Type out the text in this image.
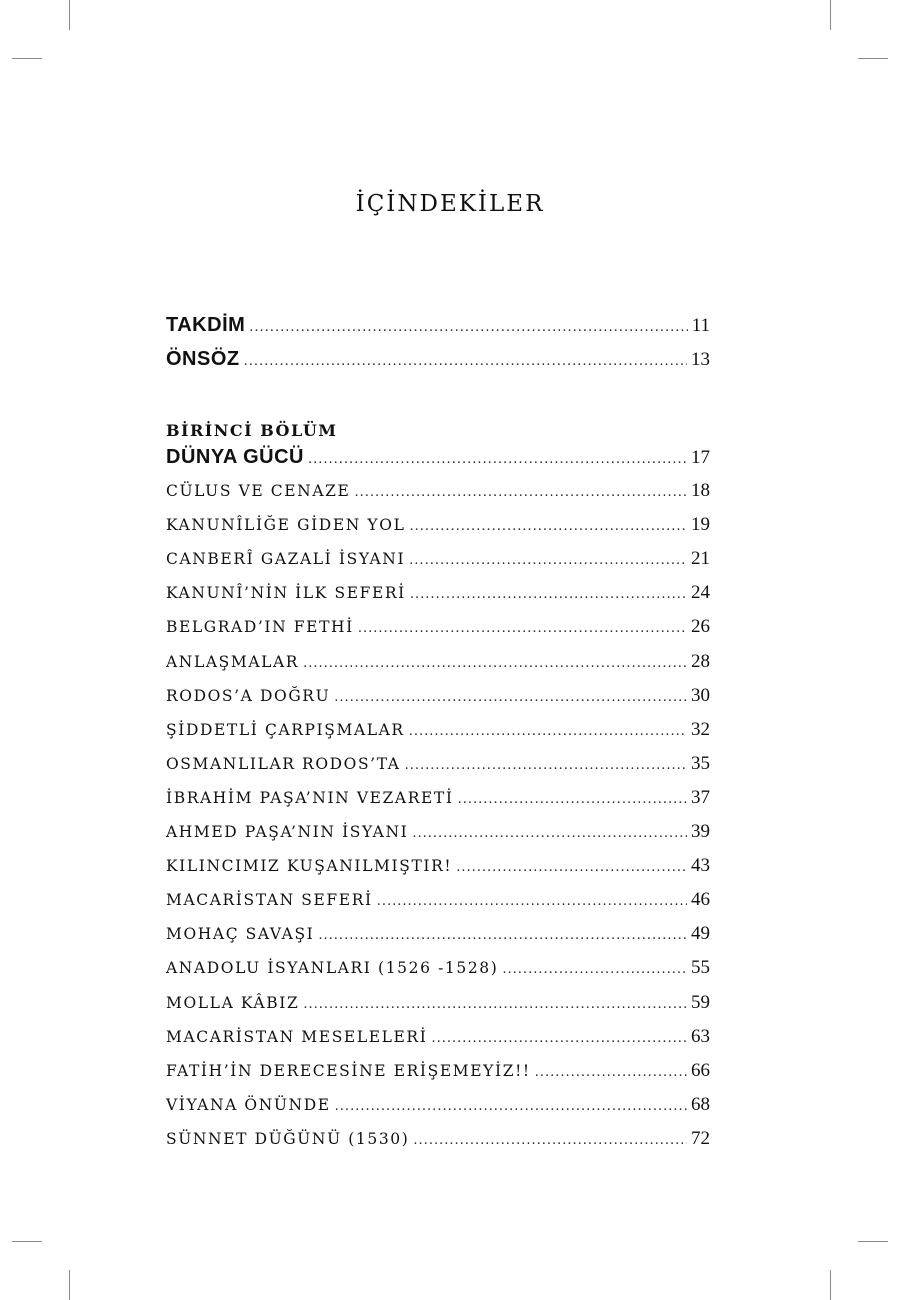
İÇİNDEKİLER
TAKDİM .....	11
ÖNSÖZ .....	13
BİRİNCİ BÖLÜM
DÜNYA GÜCÜ .....	17
CÜLUS VE CENAZE .....	18
KANUNÎLİĞE GİDEN YOL .....	19
CANBERÎ GAZALİ İSYANI .....	21
KANUNÎ’NİN İLK SEFERİ .....	24
BELGRAD’IN FETHİ .....	26
ANLAŞMALAR .....	28
RODOS’A DOĞRU .....	30
ŞİDDETLİ ÇARPIŞMALAR .....	32
OSMANLILAR RODOS’TA .....	35
İBRAHİM PAŞA’NIN VEZARETİ .....	37
AHMED PAŞA’NIN İSYANI .....	39
KILINCIMIZ KUŞANILMIŞTIR! .....	43
MACARİSTAN SEFERİ .....	46
MOHAÇ SAVAŞI .....	49
ANADOLU İSYANLARI (1526 -1528) .....	55
MOLLA KÂBIZ .....	59
MACARİSTAN MESELELERİ .....	63
FATİH’İN DERECESİNE ERİŞEMEYİZ!! .....	66
VİYANA ÖNÜNDE .....	68
SÜNNET DÜĞÜNÜ (1530) .....	72
